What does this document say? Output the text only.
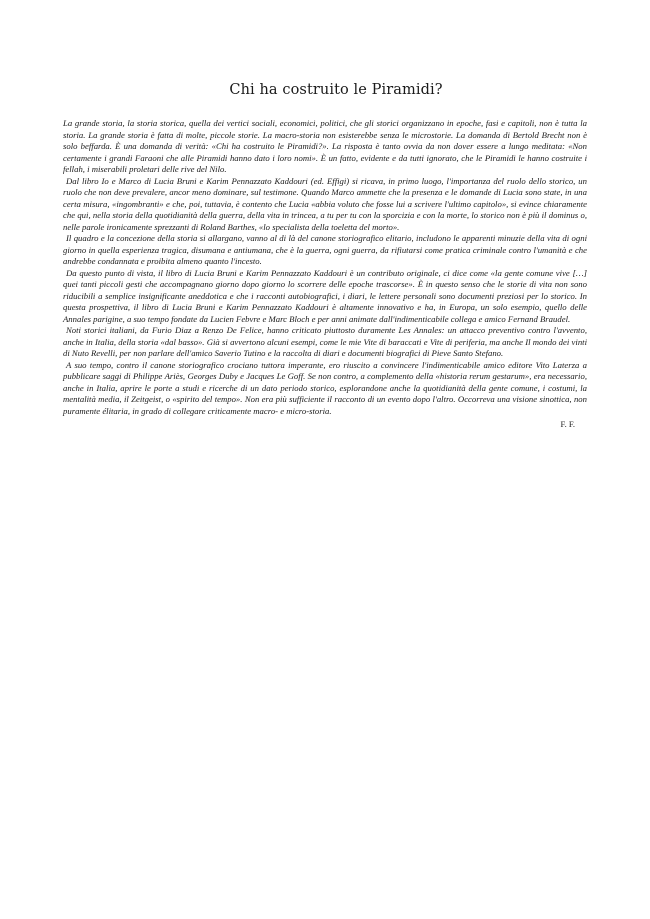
Chi ha costruito le Piramidi?

La grande storia, la storia storica, quella dei vertici sociali, economici, politici, che gli storici organizzano in epoche, fasi e capitoli, non è tutta la storia. La grande storia è fatta di molte, piccole storie. La macro-storia non esisterebbe senza le microstorie. La domanda di Bertold Brecht non è solo beffarda. È una domanda di verità: «Chi ha costruito le Piramidi?». La risposta è tanto ovvia da non dover essere a lungo meditata: «Non certamente i grandi Faraoni che alle Piramidi hanno dato i loro nomi». È un fatto, evidente e da tutti ignorato, che le Piramidi le hanno costruite i fellah, i miserabili proletari delle rive del Nilo.

Dal libro Io e Marco di Lucia Bruni e Karim Pennazzato Kaddouri (ed. Effigi) si ricava, in primo luogo, l'importanza del ruolo dello storico, un ruolo che non deve prevalere, ancor meno dominare, sul testimone. Quando Marco ammette che la presenza e le domande di Lucia sono state, in una certa misura, «ingombranti» e che, poi, tuttavia, è contento che Lucia «abbia voluto che fosse lui a scrivere l'ultimo capitolo», si evince chiaramente che qui, nella storia della quotidianità della guerra, della vita in trincea, a tu per tu con la sporcizia e con la morte, lo storico non è più il dominus o, nelle parole ironicamente sprezzanti di Roland Barthes, «lo specialista della toeletta del morto».

Il quadro e la concezione della storia si allargano, vanno al di là del canone storiografico elitario, includono le apparenti minuzie della vita di ogni giorno in quella esperienza tragica, disumana e antiumana, che è la guerra, ogni guerra, da rifiutarsi come pratica criminale contro l'umanità e che andrebbe condannata e proibita almeno quanto l'incesto.

Da questo punto di vista, il libro di Lucia Bruni e Karim Pennazzato Kaddouri è un contributo originale, ci dice come «la gente comune vive […] quei tanti piccoli gesti che accompagnano giorno dopo giorno lo scorrere delle epoche trascorse». È in questo senso che le storie di vita non sono riducibili a semplice insignificante aneddotica e che i racconti autobiografici, i diari, le lettere personali sono documenti preziosi per lo storico. In questa prospettiva, il libro di Lucia Bruni e Karim Pennazzato Kaddouri è altamente innovativo e ha, in Europa, un solo esempio, quello delle Annales parigine, a suo tempo fondate da Lucien Febvre e Marc Bloch e per anni animate dall'indimenticabile collega e amico Fernand Braudel.

Noti storici italiani, da Furio Diaz a Renzo De Felice, hanno criticato piuttosto duramente Les Annales: un attacco preventivo contro l'avvento, anche in Italia, della storia «dal basso». Già si avvertono alcuni esempi, come le mie Vite di baraccati e Vite di periferia, ma anche Il mondo dei vinti di Nuto Revelli, per non parlare dell'amico Saverio Tutino e la raccolta di diari e documenti biografici di Pieve Santo Stefano.

A suo tempo, contro il canone storiografico crociano tuttora imperante, ero riuscito a convincere l'indimenticabile amico editore Vito Laterza a pubblicare saggi di Philippe Ariès, Georges Duby e Jacques Le Goff. Se non contro, a complemento della «historia rerum gestarum», era necessario, anche in Italia, aprire le porte a studi e ricerche di un dato periodo storico, esplorandone anche la quotidianità della gente comune, i costumi, la mentalità media, il Zeitgeist, o «spirito del tempo». Non era più sufficiente il racconto di un evento dopo l'altro. Occorreva una visione sinottica, non puramente élitaria, in grado di collegare criticamente macro- e micro-storia.

F. F.
